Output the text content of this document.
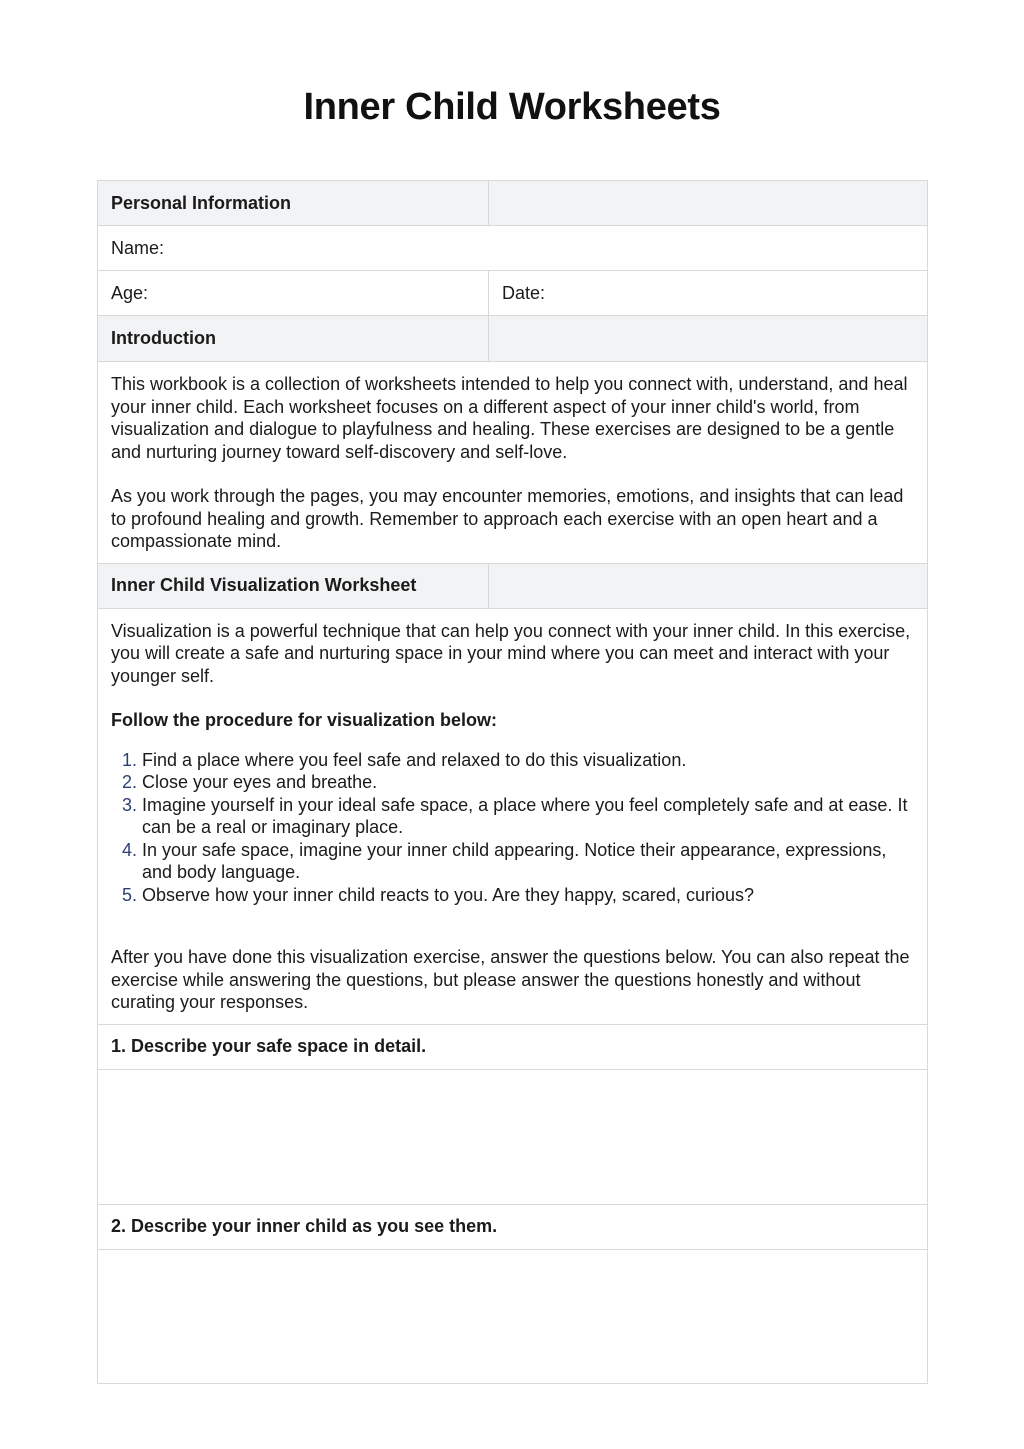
Inner Child Worksheets
Personal Information
Name:
Age:	Date:
Introduction

This workbook is a collection of worksheets intended to help you connect with, understand, and heal your inner child. Each worksheet focuses on a different aspect of your inner child's world, from visualization and dialogue to playfulness and healing. These exercises are designed to be a gentle and nurturing journey toward self-discovery and self-love.

As you work through the pages, you may encounter memories, emotions, and insights that can lead to profound healing and growth. Remember to approach each exercise with an open heart and a compassionate mind.

Inner Child Visualization Worksheet

Visualization is a powerful technique that can help you connect with your inner child. In this exercise, you will create a safe and nurturing space in your mind where you can meet and interact with your younger self.

Follow the procedure for visualization below:

1. Find a place where you feel safe and relaxed to do this visualization.
2. Close your eyes and breathe.
3. Imagine yourself in your ideal safe space, a place where you feel completely safe and at ease. It can be a real or imaginary place.
4. In your safe space, imagine your inner child appearing. Notice their appearance, expressions, and body language.
5. Observe how your inner child reacts to you. Are they happy, scared, curious?

After you have done this visualization exercise, answer the questions below. You can also repeat the exercise while answering the questions, but please answer the questions honestly and without curating your responses.

1. Describe your safe space in detail.
2. Describe your inner child as you see them.
